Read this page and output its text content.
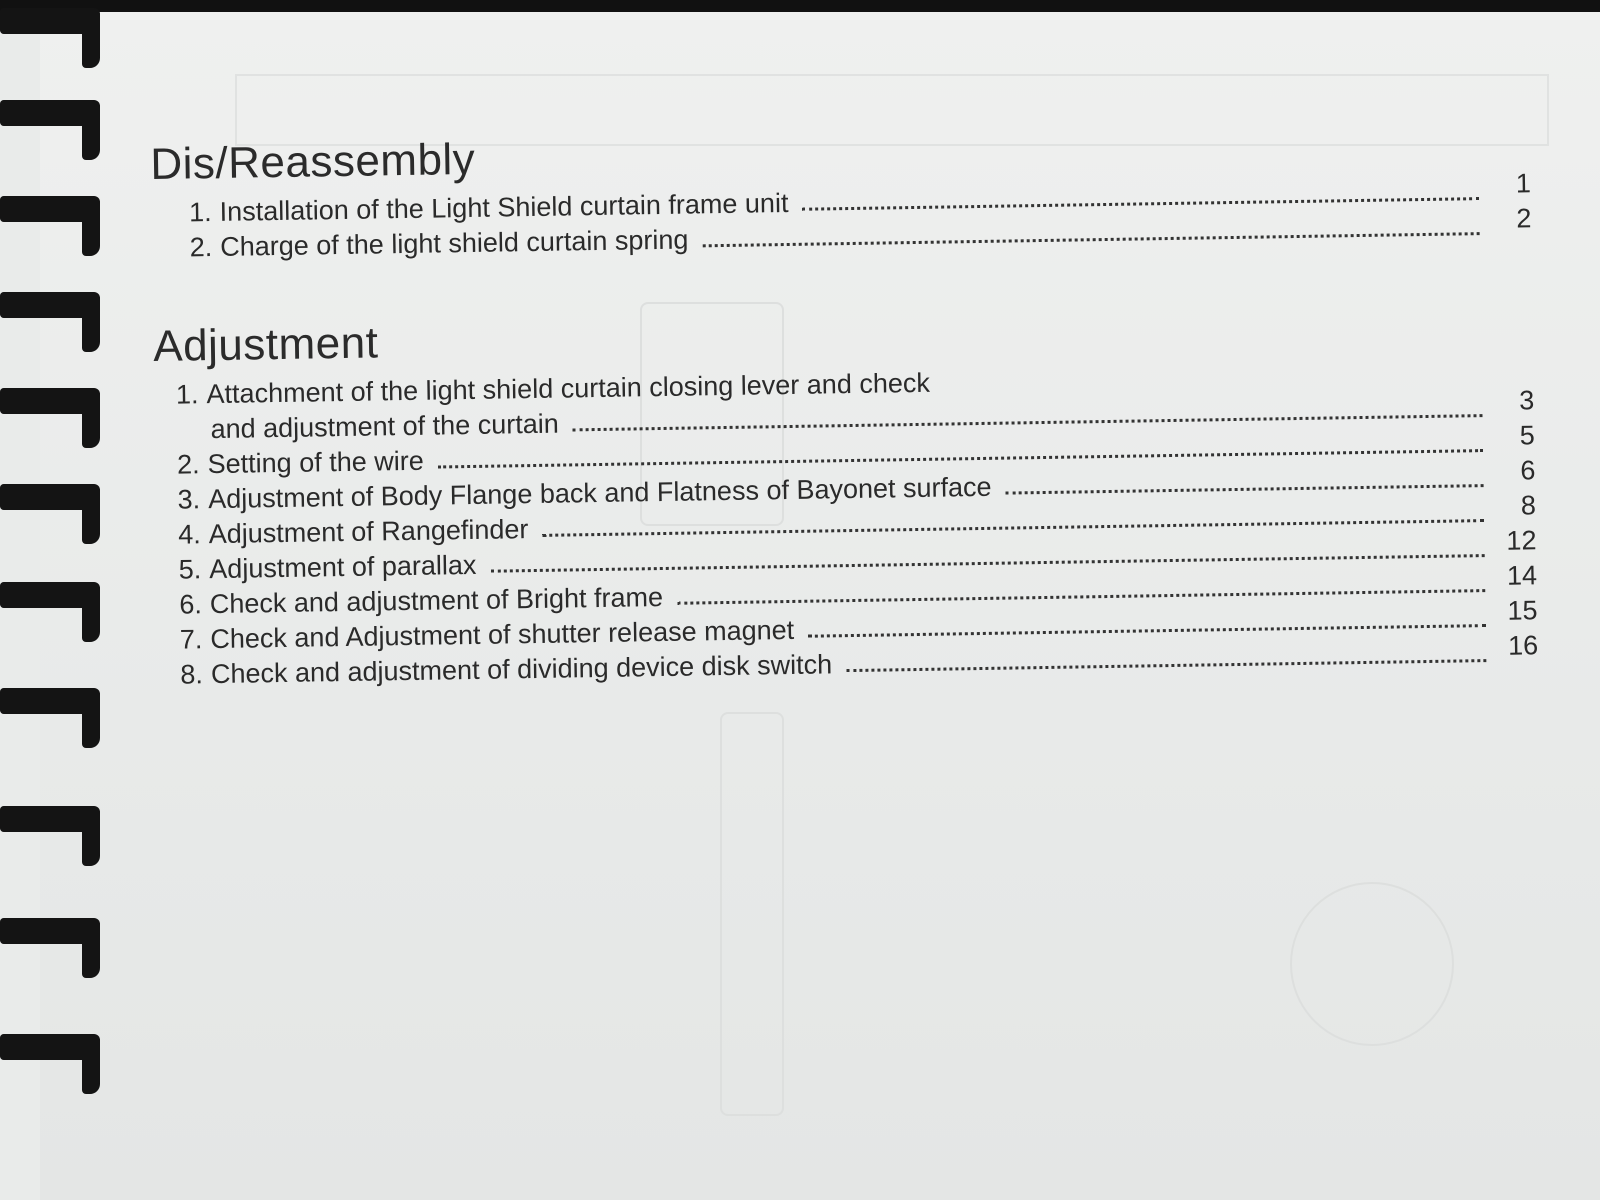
Dis/Reassembly
1. Installation of the Light Shield curtain frame unit
1
2. Charge of the light shield curtain spring
2
Adjustment
1. Attachment of the light shield curtain closing lever and check
and adjustment of the curtain
3
2. Setting of the wire
5
3. Adjustment of Body Flange back and Flatness of Bayonet surface
6
4. Adjustment of Rangefinder
8
5. Adjustment of parallax
12
6. Check and adjustment of Bright frame
14
7. Check and Adjustment of shutter release magnet
15
8. Check and adjustment of dividing device disk switch
16
